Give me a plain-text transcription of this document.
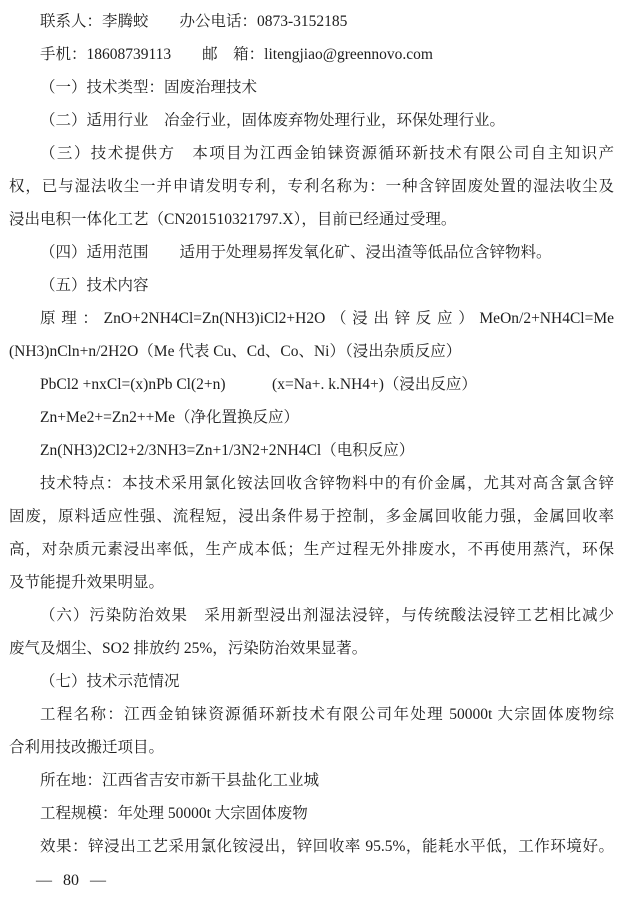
联系人：李腾蛟　　办公电话：0873-3152185
手机：18608739113　　邮　箱：litengjiao@greennovo.com
（一）技术类型：固废治理技术
（二）适用行业　冶金行业，固体废弃物处理行业，环保处理行业。
（三）技术提供方　本项目为江西金铂铼资源循环新技术有限公司自主知识产
权，已与湿法收尘一并申请发明专利，专利名称为：一种含锌固废处置的湿法收尘及
浸出电积一体化工艺（CN201510321797.X），目前已经通过受理。
（四）适用范围　　适用于处理易挥发氧化矿、浸出渣等低品位含锌物料。
（五）技术内容
原理：ZnO+2NH4Cl=Zn(NH3)iCl2+H2O（浸出锌反应）MeOn/2+NH4Cl=Me
(NH3)nCln+n/2H2O（Me 代表 Cu、Cd、Co、Ni）（浸出杂质反应）
PbCl2 +nxCl=(x)nPb Cl(2+n)　　　(x=Na+. k.NH4+)（浸出反应）
Zn+Me2+=Zn2++Me（净化置换反应）
Zn(NH3)2Cl2+2/3NH3=Zn+1/3N2+2NH4Cl（电积反应）
技术特点：本技术采用氯化铵法回收含锌物料中的有价金属，尤其对高含氯含锌
固废，原料适应性强、流程短，浸出条件易于控制，多金属回收能力强，金属回收率
高，对杂质元素浸出率低，生产成本低；生产过程无外排废水，不再使用蒸汽，环保
及节能提升效果明显。
（六）污染防治效果　采用新型浸出剂湿法浸锌，与传统酸法浸锌工艺相比减少
废气及烟尘、SO2 排放约 25%，污染防治效果显著。
（七）技术示范情况
工程名称：江西金铂铼资源循环新技术有限公司年处理 50000t 大宗固体废物综
合利用技改搬迁项目。
所在地：江西省吉安市新干县盐化工业城
工程规模：年处理 50000t 大宗固体废物
效果：锌浸出工艺采用氯化铵浸出，锌回收率 95.5%，能耗水平低，工作环境好。
— 80 —
